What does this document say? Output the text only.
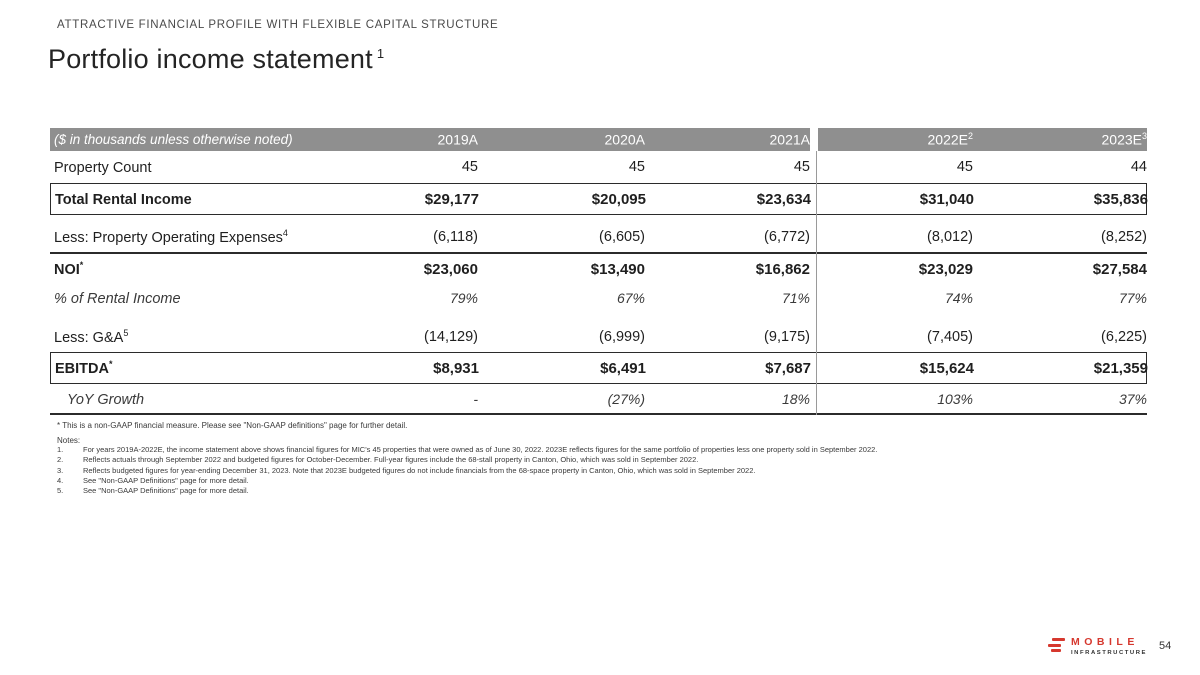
ATTRACTIVE FINANCIAL PROFILE WITH FLEXIBLE CAPITAL STRUCTURE
Portfolio income statement $^1$
($ in thousands unless otherwise noted)	2019A	2020A	2021A	$2022E^2$	$2023E^3$
Property Count	45	45	45	45	44
Total Rental Income	$29,177	$20,095	$23,634	$31,040	$35,836
Less: Property Operating Expenses$^4$	(6,118)	(6,605)	(6,772)	(8,012)	(8,252)
NOI*	$23,060	$13,490	$16,862	$23,029	$27,584
% of Rental Income	79%	67%	71%	74%	77%
Less: $G\&A^5$	(14,129)	(6,999)	(9,175)	(7,405)	(6,225)
EBITDA*	$8,931	$6,491	$7,687	$15,624	$21,359
YoY Growth	-	(27%)	18%	103%	37%
* This is a non-GAAP financial measure. Please see "Non-GAAP definitions" page for further detail.
Notes:
1.	For years 2019A-2022E, the income statement above shows financial figures for MIC's 45 properties that were owned as of June 30, 2022. 2023E reflects figures for the same portfolio of properties less one property sold in September 2022.
2.	Reflects actuals through September 2022 and budgeted figures for October-December. Full-year figures include the 68-stall property in Canton, Ohio, which was sold in September 2022.
3.	Reflects budgeted figures for year-ending December 31, 2023. Note that 2023E budgeted figures do not include financials from the 68-space property in Canton, Ohio, which was sold in September 2022.
4.	See "Non-GAAP Definitions" page for more detail.
5.	See "Non-GAAP Definitions" page for more detail.
MOBILE
INFRASTRUCTURE
54
